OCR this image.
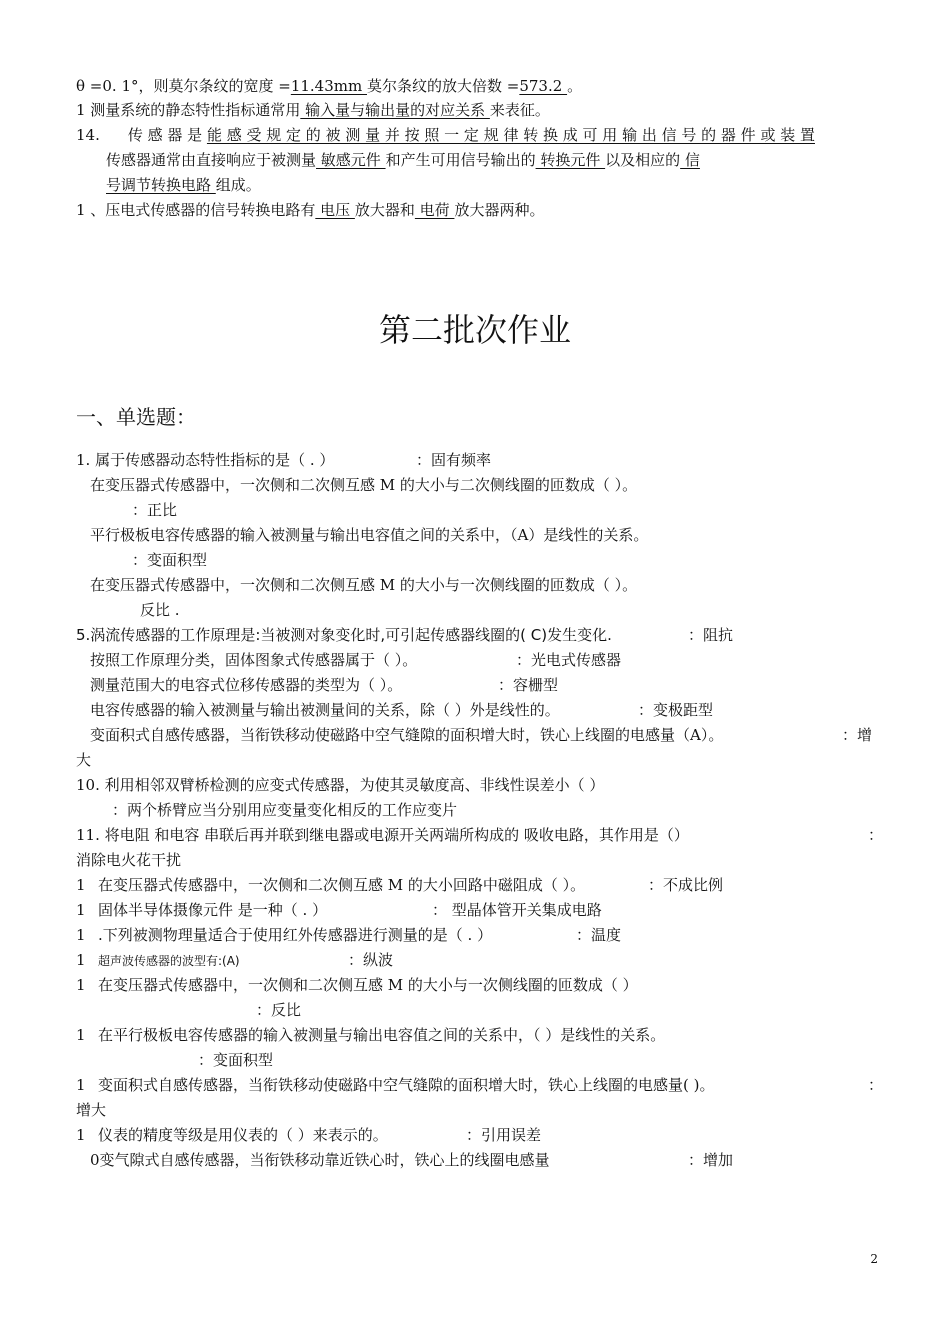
θ =0. 1°，则莫尔条纹的宽度 =11.43mm 莫尔条纹的放大倍数 =573.2 。
1 测量系统的静态特性指标通常用 输入量与输出量的对应关系 来表征。
14. 传 感 器 是 能 感 受 规 定 的 被 测 量 并 按 照 一 定 规 律 转 换 成 可 用 输 出 信 号 的 器 件 或 装 置
传感器通常由直接响应于被测量 敏感元件 和产生可用信号输出的 转换元件 以及相应的 信
号调节转换电路 组成。
1 、压电式传感器的信号转换电路有 电压 放大器和 电荷 放大器两种。
第二批次作业
一、单选题：
1. 属于传感器动态特性指标的是（ . ）	：固有频率
在变压器式传感器中，一次侧和二次侧互感 M 的大小与二次侧线圈的匝数成（ ）。
：正比
平行极板电容传感器的输入被测量与输出电容值之间的关系中，（A）是线性的关系。
：变面积型
在变压器式传感器中，一次侧和二次侧互感 M 的大小与一次侧线圈的匝数成（ ）。
反比 .
5.涡流传感器的工作原理是:当被测对象变化时,可引起传感器线圈的( C)发生变化.	：阻抗
按照工作原理分类，固体图象式传感器属于（ ）。	：光电式传感器
测量范围大的电容式位移传感器的类型为（ ）。	：容栅型
电容传感器的输入被测量与输出被测量间的关系，除（ ）外是线性的。	：变极距型
变面积式自感传感器，当衔铁移动使磁路中空气缝隙的面积增大时，铁心上线圈的电感量（A）。	：增
大
10. 利用相邻双臂桥检测的应变式传感器，为使其灵敏度高、非线性误差小（ ）
：两个桥臂应当分别用应变量变化相反的工作应变片
11. 将电阻 和电容 串联后再并联到继电器或电源开关两端所构成的 吸收电路，其作用是（）	：
消除电火花干扰
1 在变压器式传感器中，一次侧和二次侧互感 M 的大小回路中磁阻成（ ）。	：不成比例
1 固体半导体摄像元件 是一种（ . ）	： 型晶体管开关集成电路
1 .下列被测物理量适合于使用红外传感器进行测量的是（ . ）	：温度
1 超声波传感器的波型有:(A)	：纵波
1 在变压器式传感器中，一次侧和二次侧互感 M 的大小与一次侧线圈的匝数成（ ）
：反比
1 在平行极板电容传感器的输入被测量与输出电容值之间的关系中，（ ）是线性的关系。
：变面积型
1 变面积式自感传感器，当衔铁移动使磁路中空气缝隙的面积增大时，铁心上线圈的电感量( )。	：
增大
1 仪表的精度等级是用仪表的（ ）来表示的。	：引用误差
0变气隙式自感传感器，当衔铁移动靠近铁心时，铁心上的线圈电感量	：增加
2
